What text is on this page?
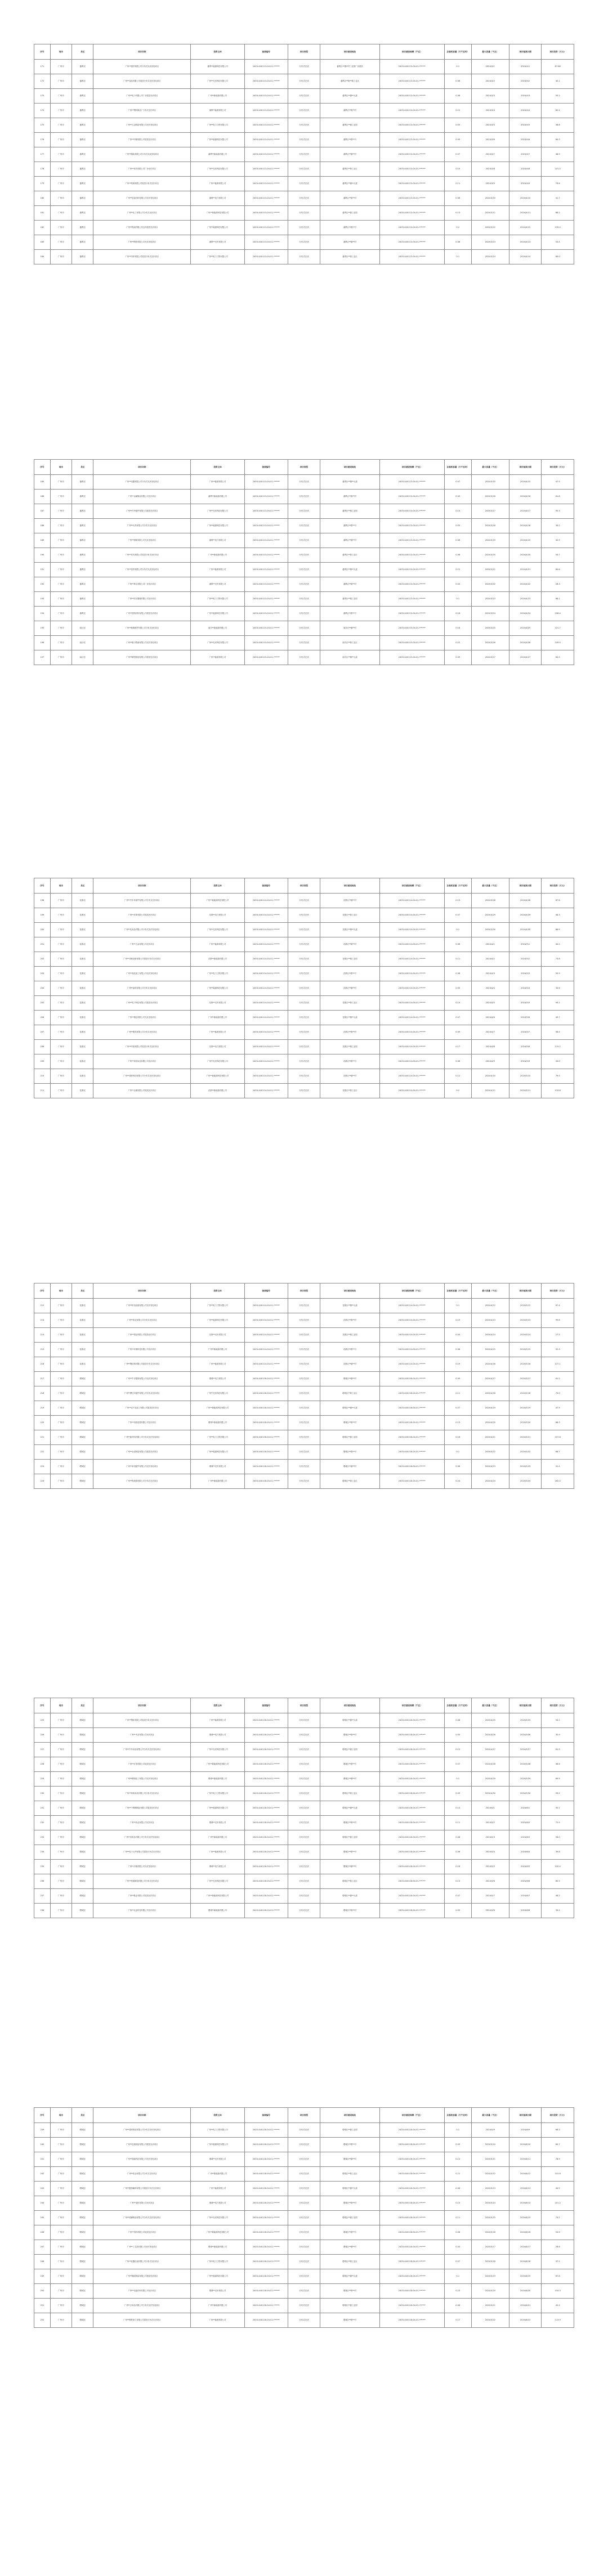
序号	地市	县区	项目名称	投资主体	备案编号	项目类型	项目建设地址	项目建设规模（千瓦）	总装机容量（万千瓦时）	最大容量（千瓦）	项目备案日期	项目投资（万元）
171	广州市	番禺区	广州**建材有限公司分布式光伏发电项目	番禺**能源科技有限公司	2403-440113-04-01-******	分布式光伏	番禺区**镇**村工业园厂房屋顶	2403-440113-04-01-******	0.1	2024/3/1	2024/4/1	67.86
172	广州市	番禺区	广州**食品有限公司屋顶分布式光伏发电项目	广州**光伏科技有限公司	2403-440113-04-01-******	分布式光伏	番禺区**街**路工业区	2403-440113-04-01-******	0.06	2024/3/2	2024/4/2	45.1
173	广州市	番禺区	广州**电子有限公司厂房屋顶光伏项目	广州**新能源有限公司	2403-440113-04-01-******	分布式光伏	番禺区**镇**大道	2403-440113-04-01-******	0.08	2024/3/3	2024/4/3	55.2
174	广州市	番禺区	广州**塑料制品厂分布式光伏项目	番禺**能源有限公司	2403-440113-04-01-******	分布式光伏	番禺区**街**村	2403-440113-04-01-******	0.12	2024/3/4	2024/4/4	82.4
175	广州市	番禺区	广州**五金制品有限公司光伏发电项目	广州**电力工程有限公司	2403-440113-04-01-******	分布式光伏	番禺区**镇工业园	2403-440113-04-01-******	0.05	2024/3/5	2024/4/5	36.8
176	广州市	番禺区	广州**印刷有限公司屋顶光伏项目	广州**能源科技有限公司	2403-440113-04-01-******	分布式光伏	番禺区**路**号	2403-440113-04-01-******	0.09	2024/3/6	2024/4/6	60.3
177	广州市	番禺区	广州**服装有限公司分布式光伏发电项目	番禺**新能源有限公司	2403-440113-04-01-******	分布式光伏	番禺区**镇**村	2403-440113-04-01-******	0.07	2024/3/7	2024/4/7	48.9
178	广州市	番禺区	广州**家具有限公司厂房光伏项目	广州**光伏科技有限公司	2403-440113-04-01-******	分布式光伏	番禺区**街工业区	2403-440113-04-01-******	0.15	2024/3/8	2024/4/8	101.5
179	广州市	番禺区	广州**机械有限公司屋顶分布式光伏项目	广州**能源有限公司	2403-440113-04-01-******	分布式光伏	番禺区**镇**大道	2403-440113-04-01-******	0.11	2024/3/9	2024/4/9	74.6
180	广州市	番禺区	广州**包装材料有限公司光伏发电项目	番禺**电力有限公司	2403-440113-04-01-******	分布式光伏	番禺区**街**村	2403-440113-04-01-******	0.06	2024/3/10	2024/4/10	41.7
181	广州市	番禺区	广州**化工有限公司分布式光伏项目	广州**新能源科技有限公司	2403-440113-04-01-******	分布式光伏	番禺区**镇工业园	2403-440113-04-01-******	0.13	2024/3/11	2024/4/11	88.2
182	广州市	番禺区	广州**物流有限公司仓库屋顶光伏项目	广州**能源科技有限公司	2403-440113-04-01-******	分布式光伏	番禺区**路**号	2403-440113-04-01-******	0.2	2024/3/12	2024/4/12	135.0
183	广州市	番禺区	广州**陶瓷有限公司光伏发电项目	番禺**光伏有限公司	2403-440113-04-01-******	分布式光伏	番禺区**镇**村	2403-440113-04-01-******	0.08	2024/3/13	2024/4/13	53.4
184	广州市	番禺区	广州**纺织有限公司屋顶分布式光伏项目	广州**电力工程有限公司	2403-440113-04-01-******	分布式光伏	番禺区**街工业区	2403-440113-04-01-******	0.1	2024/3/14	2024/4/14	69.0
序号	地市	县区	项目名称	投资主体	备案编号	项目类型	项目建设地址	项目建设规模（千瓦）	总装机容量（万千瓦时）	最大容量（千瓦）	项目备案日期	项目投资（万元）
185	广州市	番禺区	广州**电器有限公司分布式光伏发电项目	广州**能源有限公司	2403-440113-04-01-******	分布式光伏	番禺区**镇**大道	2403-440113-04-01-******	0.07	2024/3/15	2024/4/15	47.5
186	广州市	番禺区	广州**金属制品有限公司光伏项目	番禺**新能源有限公司	2403-440113-04-01-******	分布式光伏	番禺区**街**村	2403-440113-04-01-******	0.09	2024/3/16	2024/4/16	61.8
187	广州市	番禺区	广州**汽车配件有限公司屋顶光伏项目	广州**光伏科技有限公司	2403-440113-04-01-******	分布式光伏	番禺区**镇工业园	2403-440113-04-01-******	0.14	2024/3/17	2024/4/17	95.3
188	广州市	番禺区	广州**玩具有限公司分布式光伏项目	广州**能源科技有限公司	2403-440113-04-01-******	分布式光伏	番禺区**路**号	2403-440113-04-01-******	0.05	2024/3/18	2024/4/18	34.2
189	广州市	番禺区	广州**照明有限公司光伏发电项目	番禺**电力有限公司	2403-440113-04-01-******	分布式光伏	番禺区**镇**村	2403-440113-04-01-******	0.06	2024/3/19	2024/4/19	42.9
190	广州市	番禺区	广州**皮具有限公司屋顶分布式光伏项目	广州**新能源有限公司	2403-440113-04-01-******	分布式光伏	番禺区**街工业区	2403-440113-04-01-******	0.08	2024/3/20	2024/4/20	54.7
191	广州市	番禺区	广州**饮料有限公司分布式光伏发电项目	广州**能源有限公司	2403-440113-04-01-******	分布式光伏	番禺区**镇**大道	2403-440113-04-01-******	0.12	2024/3/21	2024/4/21	80.6
192	广州市	番禺区	广州**珠宝有限公司厂房光伏项目	番禺**光伏有限公司	2403-440113-04-01-******	分布式光伏	番禺区**街**村	2403-440113-04-01-******	0.04	2024/3/22	2024/4/22	28.3
193	广州市	番禺区	广州**医疗器械有限公司光伏项目	广州**电力工程有限公司	2403-440113-04-01-******	分布式光伏	番禺区**镇工业园	2403-440113-04-01-******	0.1	2024/3/23	2024/4/23	68.1
194	广州市	番禺区	广州**建筑材料有限公司屋顶光伏项目	广州**能源科技有限公司	2403-440113-04-01-******	分布式光伏	番禺区**路**号	2403-440113-04-01-******	0.16	2024/3/24	2024/4/24	108.4
195	广州市	南沙区	广州**船舶配件有限公司分布式光伏项目	南沙**新能源有限公司	2403-440115-04-01-******	分布式光伏	南沙区**镇**村	2403-440115-04-01-******	0.18	2024/3/25	2024/4/25	121.7
196	广州市	南沙区	广州**港口物流有限公司光伏发电项目	广州**光伏科技有限公司	2403-440115-04-01-******	分布式光伏	南沙区**街工业区	2403-440115-04-01-******	0.22	2024/3/26	2024/4/26	149.0
197	广州市	南沙区	广州**精密制造有限公司屋顶光伏项目	广州**能源有限公司	2403-440115-04-01-******	分布式光伏	南沙区**镇**大道	2403-440115-04-01-******	0.09	2024/3/27	2024/4/27	63.5
序号	地市	县区	项目名称	投资主体	备案编号	项目类型	项目建设地址	项目建设规模（千瓦）	总装机容量（万千瓦时）	最大容量（千瓦）	项目备案日期	项目投资（万元）
198	广州市	花都区	广州**汽车零部件有限公司分布式光伏项目	广州**新能源科技有限公司	2403-440114-04-01-******	分布式光伏	花都区**镇**村	2403-440114-04-01-******	0.13	2024/3/28	2024/4/28	87.6
199	广州市	花都区	广州**皮革有限公司屋顶光伏项目	花都**电力有限公司	2403-440114-04-01-******	分布式光伏	花都区**街工业区	2403-440114-04-01-******	0.07	2024/3/29	2024/4/29	46.3
200	广州市	花都区	广州**化妆品有限公司分布式光伏发电项目	广州**光伏科技有限公司	2403-440114-04-01-******	分布式光伏	花都区**镇**大道	2403-440114-04-01-******	0.1	2024/3/30	2024/4/30	66.9
201	广州市	花都区	广州**五金有限公司光伏项目	广州**能源有限公司	2403-440114-04-01-******	分布式光伏	花都区**街**村	2403-440114-04-01-******	0.06	2024/4/1	2024/5/1	40.2
202	广州市	花都区	广州**音响设备有限公司屋顶分布式光伏项目	花都**新能源有限公司	2403-440114-04-01-******	分布式光伏	花都区**镇工业园	2403-440114-04-01-******	0.11	2024/4/2	2024/5/2	73.8
203	广州市	花都区	广州**食品加工有限公司光伏发电项目	广州**电力工程有限公司	2403-440114-04-01-******	分布式光伏	花都区**路**号	2403-440114-04-01-******	0.08	2024/4/3	2024/5/3	55.9
204	广州市	花都区	广州**涂料有限公司分布式光伏项目	广州**能源科技有限公司	2403-440114-04-01-******	分布式光伏	花都区**镇**村	2403-440114-04-01-******	0.05	2024/4/4	2024/5/4	33.6
205	广州市	花都区	广州**电子科技有限公司屋顶光伏项目	花都**光伏有限公司	2403-440114-04-01-******	分布式光伏	花都区**街工业区	2403-440114-04-01-******	0.14	2024/4/5	2024/5/5	94.1
206	广州市	花都区	广州**箱包有限公司光伏发电项目	广州**新能源有限公司	2403-440114-04-01-******	分布式光伏	花都区**镇**大道	2403-440114-04-01-******	0.07	2024/4/6	2024/5/6	49.7
207	广州市	花都区	广州**模具有限公司分布式光伏项目	广州**能源有限公司	2403-440114-04-01-******	分布式光伏	花都区**街**村	2403-440114-04-01-******	0.09	2024/4/7	2024/5/7	58.4
208	广州市	花都区	广州**印染有限公司屋顶分布式光伏项目	花都**电力有限公司	2403-440114-04-01-******	分布式光伏	花都区**镇工业园	2403-440114-04-01-******	0.17	2024/4/8	2024/5/8	115.2
209	广州市	花都区	广州**家居用品有限公司光伏项目	广州**光伏科技有限公司	2403-440114-04-01-******	分布式光伏	花都区**路**号	2403-440114-04-01-******	0.06	2024/4/9	2024/5/9	43.0
210	广州市	花都区	广州**建材科技有限公司分布式光伏发电项目	广州**新能源科技有限公司	2403-440114-04-01-******	分布式光伏	花都区**镇**村	2403-440114-04-01-******	0.12	2024/4/10	2024/5/10	79.5
211	广州市	花都区	广州**仓储有限公司屋顶光伏项目	花都**新能源有限公司	2403-440114-04-01-******	分布式光伏	花都区**街工业区	2403-440114-04-01-******	0.2	2024/4/11	2024/5/11	133.8
序号	地市	县区	项目名称	投资主体	备案编号	项目类型	项目建设地址	项目建设规模（千瓦）	总装机容量（万千瓦时）	最大容量（千瓦）	项目备案日期	项目投资（万元）
212	广州市	花都区	广州**机电设备有限公司光伏发电项目	广州**电力工程有限公司	2403-440114-04-01-******	分布式光伏	花都区**镇**大道	2403-440114-04-01-******	0.1	2024/4/12	2024/5/12	67.4
213	广州市	花都区	广州**纸业有限公司分布式光伏项目	广州**能源科技有限公司	2403-440114-04-01-******	分布式光伏	花都区**街**村	2403-440114-04-01-******	0.15	2024/4/13	2024/5/13	99.6
214	广州市	花都区	广州**饰品有限公司屋顶光伏项目	花都**光伏有限公司	2403-440114-04-01-******	分布式光伏	花都区**镇工业园	2403-440114-04-01-******	0.04	2024/4/14	2024/5/14	27.5
215	广州市	花都区	广州**环保科技有限公司光伏项目	广州**新能源有限公司	2403-440114-04-01-******	分布式光伏	花都区**路**号	2403-440114-04-01-******	0.08	2024/4/15	2024/5/15	52.3
216	广州市	花都区	广州**钢结构有限公司屋顶分布式光伏项目	广州**能源有限公司	2403-440114-04-01-******	分布式光伏	花都区**镇**村	2403-440114-04-01-******	0.19	2024/4/16	2024/5/16	127.1
217	广州市	增城区	广州**牛仔服饰有限公司光伏发电项目	增城**电力有限公司	2403-440118-04-01-******	分布式光伏	增城区**镇**村	2403-440118-04-01-******	0.09	2024/4/17	2024/5/17	61.2
218	广州市	增城区	广州**摩托车配件有限公司分布式光伏项目	广州**光伏科技有限公司	2403-440118-04-01-******	分布式光伏	增城区**街工业区	2403-440118-04-01-******	0.11	2024/4/18	2024/5/18	75.0
219	广州市	增城区	广州**农产品加工有限公司屋顶光伏项目	广州**新能源科技有限公司	2403-440118-04-01-******	分布式光伏	增城区**镇**大道	2403-440118-04-01-******	0.07	2024/4/19	2024/5/19	47.9
220	广州市	增城区	广州**电线电缆有限公司光伏项目	增城**新能源有限公司	2403-440118-04-01-******	分布式光伏	增城区**街**村	2403-440118-04-01-******	0.13	2024/4/20	2024/5/20	86.3
221	广州市	增城区	广州**新材料有限公司分布式光伏发电项目	广州**电力工程有限公司	2403-440118-04-01-******	分布式光伏	增城区**镇工业园	2403-440118-04-01-******	0.16	2024/4/21	2024/5/21	107.8
222	广州市	增城区	广州**水泥制品有限公司屋顶光伏项目	广州**能源科技有限公司	2403-440118-04-01-******	分布式光伏	增城区**路**号	2403-440118-04-01-******	0.1	2024/4/22	2024/5/22	68.7
223	广州市	增城区	广州**家电配件有限公司光伏发电项目	增城**光伏有限公司	2403-440118-04-01-******	分布式光伏	增城区**镇**村	2403-440118-04-01-******	0.06	2024/4/23	2024/5/23	41.4
224	广州市	增城区	广州**物流园有限公司分布式光伏项目	广州**新能源有限公司	2403-440118-04-01-******	分布式光伏	增城区**街工业区	2403-440118-04-01-******	0.24	2024/4/24	2024/5/24	162.0
序号	地市	县区	项目名称	投资主体	备案编号	项目类型	项目建设地址	项目建设规模（千瓦）	总装机容量（万千瓦时）	最大容量（千瓦）	项目备案日期	项目投资（万元）
225	广州市	增城区	广州**塑胶有限公司屋顶分布式光伏项目	广州**能源有限公司	2403-440118-04-01-******	分布式光伏	增城区**镇**大道	2403-440118-04-01-******	0.08	2024/4/25	2024/5/25	54.1
226	广州市	增城区	广州**木业有限公司光伏项目	增城**电力有限公司	2403-440118-04-01-******	分布式光伏	增城区**街**村	2403-440118-04-01-******	0.05	2024/4/26	2024/5/26	35.9
227	广州市	增城区	广州**汽车用品有限公司分布式光伏发电项目	广州**光伏科技有限公司	2403-440118-04-01-******	分布式光伏	增城区**镇工业园	2403-440118-04-01-******	0.12	2024/4/27	2024/5/27	81.3
228	广州市	增城区	广州**灯饰有限公司屋顶光伏项目	广州**新能源科技有限公司	2403-440118-04-01-******	分布式光伏	增城区**路**号	2403-440118-04-01-******	0.07	2024/4/28	2024/5/28	46.6
229	广州市	增城区	广州**精细化工有限公司光伏发电项目	增城**新能源有限公司	2403-440118-04-01-******	分布式光伏	增城区**镇**村	2403-440118-04-01-******	0.1	2024/4/29	2024/5/29	69.9
230	广州市	增城区	广州**体育用品有限公司分布式光伏项目	广州**电力工程有限公司	2403-440118-04-01-******	分布式光伏	增城区**街工业区	2403-440118-04-01-******	0.09	2024/4/30	2024/5/30	59.2
231	广州市	增城区	广州**不锈钢制品有限公司屋顶光伏项目	广州**能源科技有限公司	2403-440118-04-01-******	分布式光伏	增城区**镇**大道	2403-440118-04-01-******	0.14	2024/5/1	2024/6/1	93.7
232	广州市	增城区	广州**药业有限公司光伏项目	增城**光伏有限公司	2403-440118-04-01-******	分布式光伏	增城区**街**村	2403-440118-04-01-******	0.11	2024/5/2	2024/6/2	72.5
233	广州市	增城区	广州**纺织品有限公司分布式光伏发电项目	广州**新能源有限公司	2403-440118-04-01-******	分布式光伏	增城区**镇工业园	2403-440118-04-01-******	0.08	2024/5/3	2024/6/3	56.0
234	广州市	增城区	广州**电子元件有限公司屋顶分布式光伏项目	广州**能源有限公司	2403-440118-04-01-******	分布式光伏	增城区**路**号	2403-440118-04-01-******	0.06	2024/5/4	2024/6/4	39.8
235	广州市	增城区	广州**冷链有限公司光伏发电项目	增城**电力有限公司	2403-440118-04-01-******	分布式光伏	增城区**镇**村	2403-440118-04-01-******	0.18	2024/5/5	2024/6/5	120.4
236	广州市	增城区	广州**机械制造有限公司分布式光伏项目	广州**光伏科技有限公司	2403-440118-04-01-******	分布式光伏	增城区**街工业区	2403-440118-04-01-******	0.13	2024/5/6	2024/6/6	85.5
237	广州市	增城区	广州**鞋业有限公司屋顶光伏项目	广州**新能源科技有限公司	2403-440118-04-01-******	分布式光伏	增城区**镇**大道	2403-440118-04-01-******	0.07	2024/5/7	2024/6/7	48.2
238	广州市	增城区	广州**农业科技有限公司光伏项目	增城**新能源有限公司	2403-440118-04-01-******	分布式光伏	增城区**街**村	2403-440118-04-01-******	0.05	2024/5/8	2024/6/8	33.1
序号	地市	县区	项目名称	投资主体	备案编号	项目类型	项目建设地址	项目建设规模（千瓦）	总装机容量（万千瓦时）	最大容量（千瓦）	项目备案日期	项目投资（万元）
239	广州市	增城区	广州**建材制品有限公司分布式光伏发电项目	广州**电力工程有限公司	2403-440118-04-01-******	分布式光伏	增城区**镇工业园	2403-440118-04-01-******	0.1	2024/5/9	2024/6/9	66.3
240	广州市	增城区	广州**包装制品有限公司屋顶光伏项目	广州**能源科技有限公司	2403-440118-04-01-******	分布式光伏	增城区**路**号	2403-440118-04-01-******	0.09	2024/5/10	2024/6/10	60.7
241	广州市	增城区	广州**智能科技有限公司光伏发电项目	增城**光伏有限公司	2403-440118-04-01-******	分布式光伏	增城区**镇**村	2403-440118-04-01-******	0.12	2024/5/11	2024/6/11	78.9
242	广州市	增城区	广州**铝业有限公司分布式光伏项目	广州**新能源有限公司	2403-440118-04-01-******	分布式光伏	增城区**街工业区	2403-440118-04-01-******	0.21	2024/5/12	2024/6/12	141.6
243	广州市	增城区	广州**服饰辅料有限公司屋顶分布式光伏项目	广州**能源有限公司	2403-440118-04-01-******	分布式光伏	增城区**镇**大道	2403-440118-04-01-******	0.06	2024/5/13	2024/6/13	40.5
244	广州市	增城区	广州**电机有限公司光伏项目	增城**电力有限公司	2403-440118-04-01-******	分布式光伏	增城区**街**村	2403-440118-04-01-******	0.15	2024/5/14	2024/6/14	101.2
245	广州市	增城区	广州**玻璃制品有限公司分布式光伏发电项目	广州**光伏科技有限公司	2403-440118-04-01-******	分布式光伏	增城区**镇工业园	2403-440118-04-01-******	0.11	2024/5/15	2024/6/15	74.2
246	广州市	增城区	广州**饲料有限公司屋顶光伏项目	广州**新能源科技有限公司	2403-440118-04-01-******	分布式光伏	增城区**路**号	2403-440118-04-01-******	0.08	2024/5/16	2024/6/16	53.0
247	广州市	增城区	广州**工艺品有限公司光伏发电项目	增城**新能源有限公司	2403-440118-04-01-******	分布式光伏	增城区**镇**村	2403-440118-04-01-******	0.04	2024/5/17	2024/6/17	26.8
248	广州市	增城区	广州**仪器仪表有限公司分布式光伏项目	广州**电力工程有限公司	2403-440118-04-01-******	分布式光伏	增城区**街工业区	2403-440118-04-01-******	0.07	2024/5/18	2024/6/18	47.1
249	广州市	增城区	广州**橡胶制品有限公司屋顶光伏项目	广州**能源科技有限公司	2403-440118-04-01-******	分布式光伏	增城区**镇**大道	2403-440118-04-01-******	0.1	2024/5/19	2024/6/19	67.8
250	广州市	增城区	广州**电池材料有限公司光伏项目	增城**光伏有限公司	2403-440118-04-01-******	分布式光伏	增城区**街**村	2403-440118-04-01-******	0.23	2024/5/20	2024/6/20	154.3
251	广州市	增城区	广州**日用品有限公司分布式光伏发电项目	广州**新能源有限公司	2403-440118-04-01-******	分布式光伏	增城区**镇工业园	2403-440118-04-01-******	0.06	2024/5/21	2024/6/21	42.4
252	广州市	增城区	广州**钢材加工有限公司屋顶分布式光伏项目	广州**能源有限公司	2403-440118-04-01-******	分布式光伏	增城区**路**号	2403-440118-04-01-******	0.17	2024/5/22	2024/6/22	113.9
